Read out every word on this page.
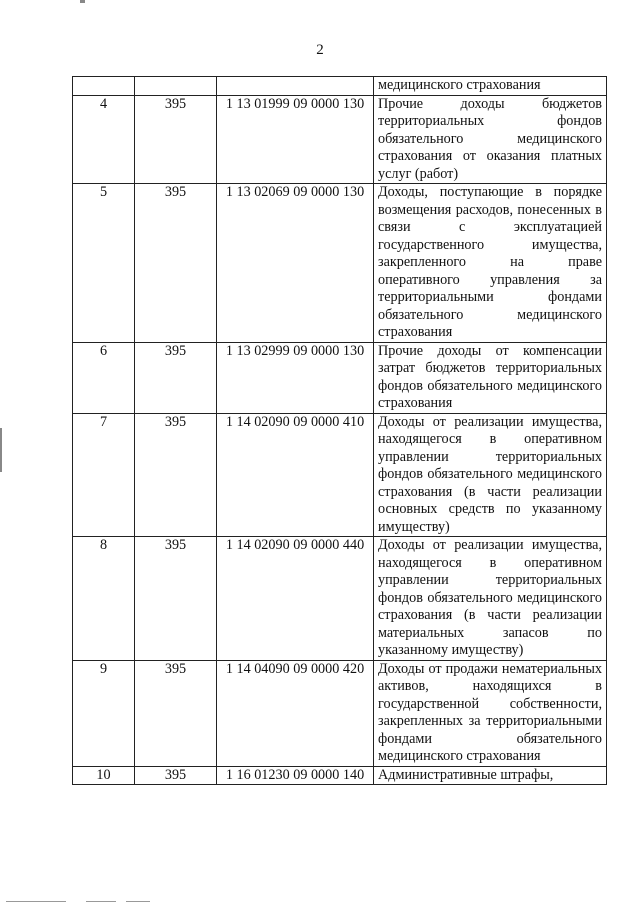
2
			медицинского страхования
4	395	1 13 01999 09 0000 130	Прочие доходы бюджетов территориальных фондов обязательного медицинского страхования от оказания платных услуг (работ)
5	395	1 13 02069 09 0000 130	Доходы, поступающие в порядке возмещения расходов, понесенных в связи с эксплуатацией государственного имущества, закрепленного на праве оперативного управления за территориальными фондами обязательного медицинского страхования
6	395	1 13 02999 09 0000 130	Прочие доходы от компенсации затрат бюджетов территориальных фондов обязательного медицинского страхования
7	395	1 14 02090 09 0000 410	Доходы от реализации имущества, находящегося в оперативном управлении территориальных фондов обязательного медицинского страхования (в части реализации основных средств по указанному имуществу)
8	395	1 14 02090 09 0000 440	Доходы от реализации имущества, находящегося в оперативном управлении территориальных фондов обязательного медицинского страхования (в части реализации материальных запасов по указанному имуществу)
9	395	1 14 04090 09 0000 420	Доходы от продажи нематериальных активов, находящихся в государственной собственности, закрепленных за территориальными фондами обязательного медицинского страхования
10	395	1 16 01230 09 0000 140	Административные штрафы,
